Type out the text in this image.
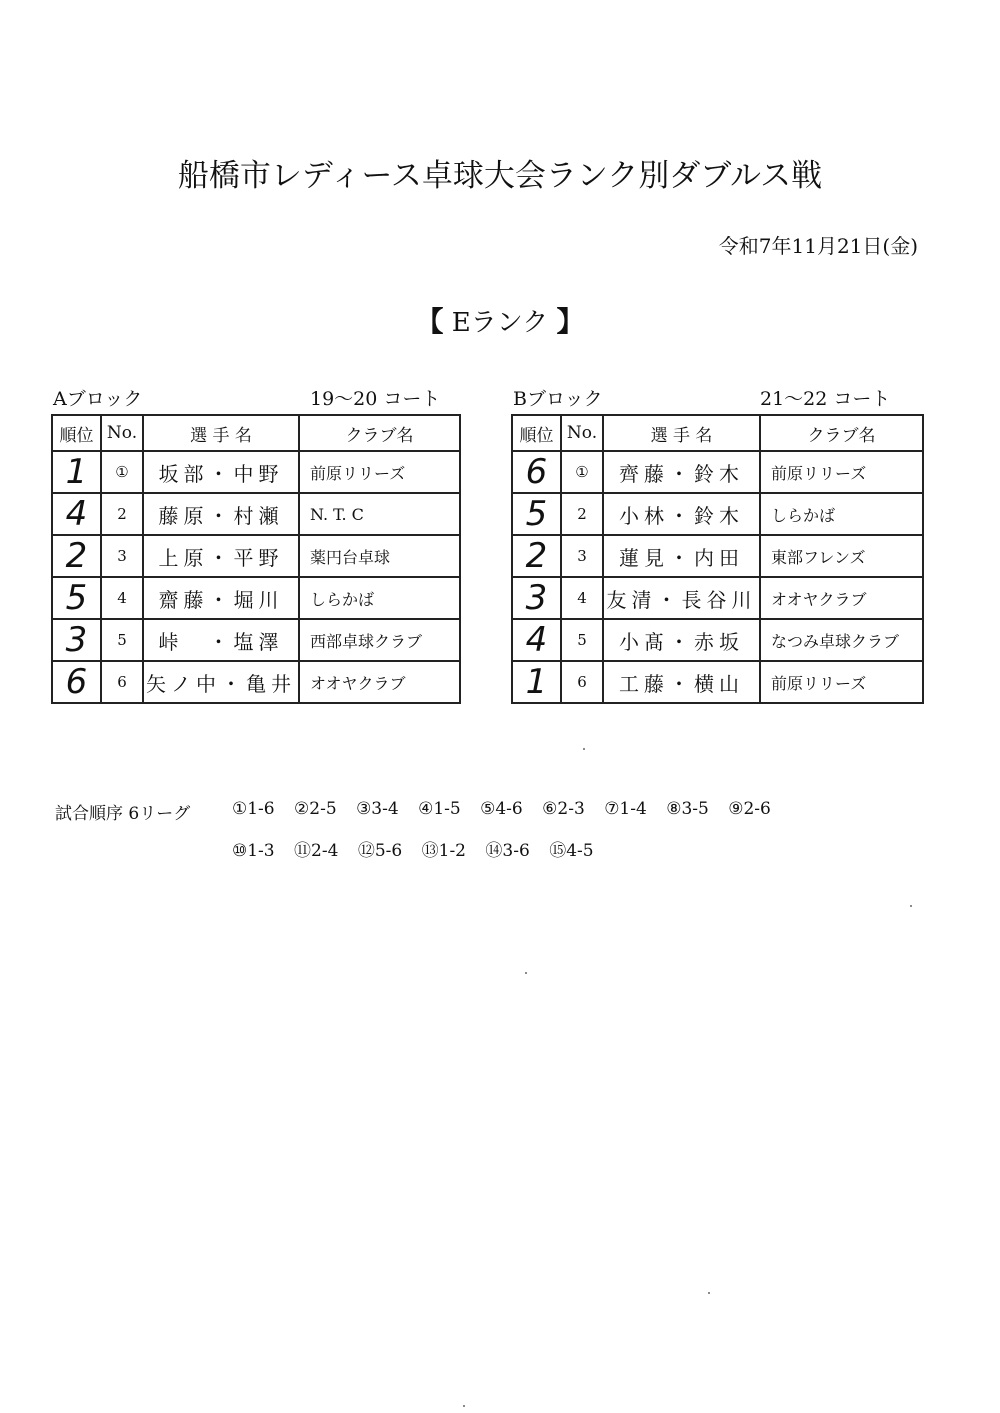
船橋市レディース卓球大会ランク別ダブルス戦
令和7年11月21日(金)
【 Eランク 】
Aブロック	19～20 コート
順位	No.	選 手 名	クラブ名
1	①	坂部・中野	前原リリーズ
4	2	藤原・村瀬	N. T. C
2	3	上原・平野	薬円台卓球
5	4	齋藤・堀川	しらかば
3	5	峠　・塩澤	西部卓球クラブ
6	6	矢ノ中・亀井	オオヤクラブ
Bブロック	21～22 コート
順位	No.	選 手 名	クラブ名
6	①	齊藤・鈴木	前原リリーズ
5	2	小林・鈴木	しらかば
2	3	蓮見・内田	東部フレンズ
3	4	友清・長谷川	オオヤクラブ
4	5	小髙・赤坂	なつみ卓球クラブ
1	6	工藤・横山	前原リリーズ
試合順序 6リーグ ①1-6 ②2-5 ③3-4 ④1-5 ⑤4-6 ⑥2-3 ⑦1-4 ⑧3-5 ⑨2-6
⑩1-3 ⑪2-4 ⑫5-6 ⑬1-2 ⑭3-6 ⑮4-5
